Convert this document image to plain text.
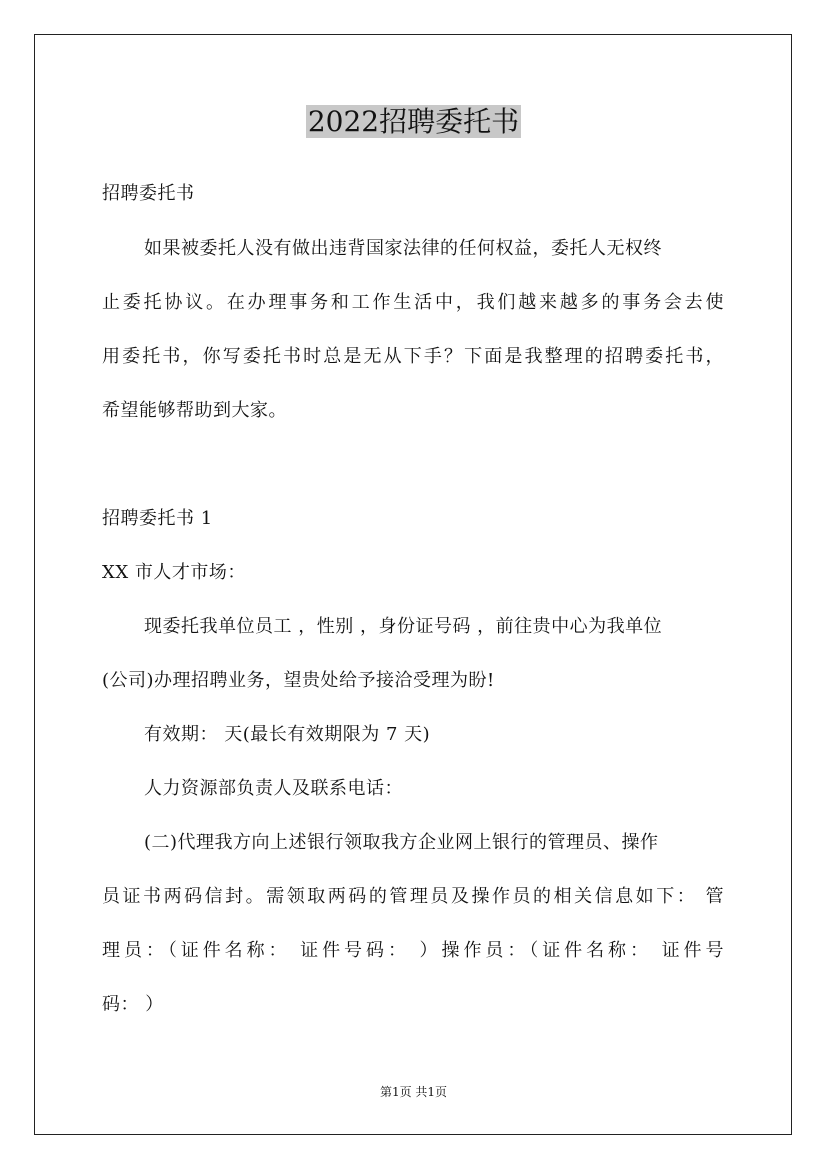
2022招聘委托书
招聘委托书
如果被委托人没有做出违背国家法律的任何权益，委托人无权终
止委托协议。在办理事务和工作生活中，我们越来越多的事务会去使
用委托书，你写委托书时总是无从下手？下面是我整理的招聘委托书，
希望能够帮助到大家。
招聘委托书 1
XX 市人才市场：
现委托我单位员工 ，性别 ，身份证号码 ，前往贵中心为我单位
(公司)办理招聘业务，望贵处给予接洽受理为盼!
有效期： 天(最长有效期限为 7 天)
人力资源部负责人及联系电话：
(二)代理我方向上述银行领取我方企业网上银行的管理员、操作
员证书两码信封。需领取两码的管理员及操作员的相关信息如下： 管
理员：（证件名称： 证件号码： ）操作员：（证件名称： 证件号
码： ）
第1页 共1页
